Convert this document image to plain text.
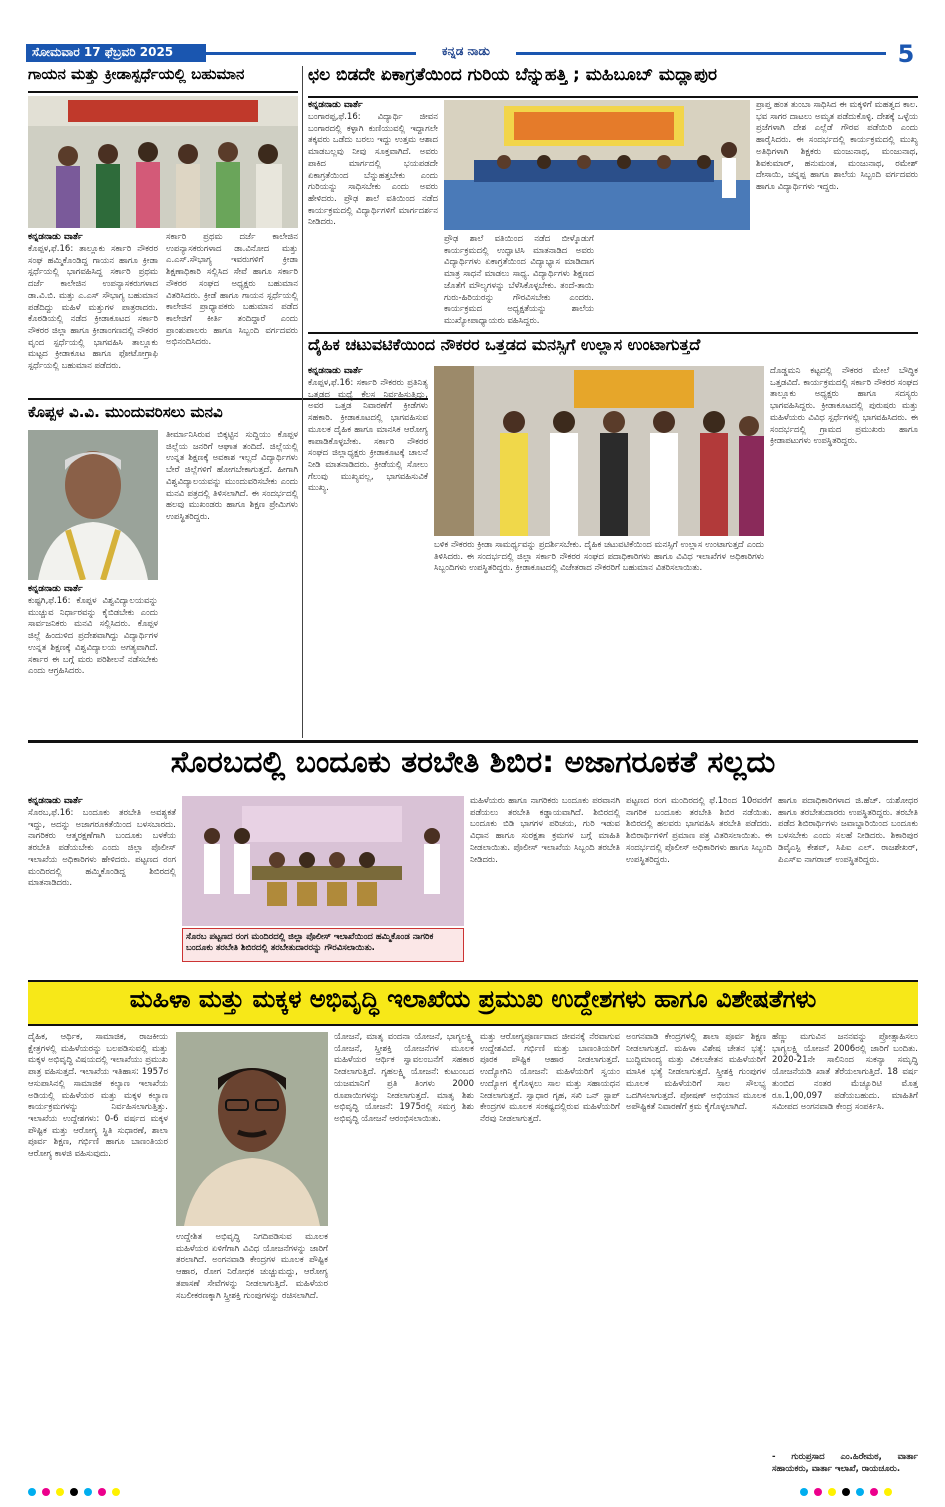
ಸೋಮವಾರ 17 ಫೆಬ್ರವರಿ 2025	ಕನ್ನಡ ನಾಡು	5
ಗಾಯನ ಮತ್ತು ಕ್ರೀಡಾಸ್ಪರ್ಧೆಯಲ್ಲಿ ಬಹುಮಾನ
ಕನ್ನಡನಾಡು ವಾರ್ತೆ
ಕೊಪ್ಪಳ,ಫೆ.16: ತಾಲ್ಲೂಕು ಸರ್ಕಾರಿ ನೌಕರರ ಸಂಘ ಹಮ್ಮಿಕೊಂಡಿದ್ದ ಗಾಯನ ಹಾಗೂ ಕ್ರೀಡಾ ಸ್ಪರ್ಧೆಯಲ್ಲಿ ಭಾಗವಹಿಸಿದ್ದ ಸರ್ಕಾರಿ ಪ್ರಥಮ ದರ್ಜೆ ಕಾಲೇಜಿನ ಉಪನ್ಯಾಸಕರುಗಳಾದ ಡಾ.ವಿ.ಬಿ. ಮತ್ತು ಎ.ಎಸ್ ಸೌಭಾಗ್ಯ ಬಹುಮಾನ ಪಡೆದಿದ್ದು ಮಹಿಳೆ ಮತ್ತುಗಳ ಪಾತ್ರರಾದರು. ಕೊಠಡಿಯಲ್ಲಿ ನಡೆದ ಕ್ರೀಡಾಕೂಟದ ಸರ್ಕಾರಿ ನೌಕರರ ಜಿಲ್ಲಾ ಹಾಗೂ ಕ್ರೀಡಾಂಗಣದಲ್ಲಿ ನೌಕರರ ವೃಂದ ಸ್ಪರ್ಧೆಯಲ್ಲಿ ಭಾಗವಹಿಸಿ ತಾಲ್ಲೂಕು ಮಟ್ಟದ ಕ್ರೀಡಾಕೂಟ ಹಾಗೂ ಫೋಟೋಗ್ರಾಫಿ ಸ್ಪರ್ಧೆಯಲ್ಲಿ ಬಹುಮಾನ ಪಡೆದರು.
ಸರ್ಕಾರಿ ಪ್ರಥಮ ದರ್ಜೆ ಕಾಲೇಜಿನ ಉಪನ್ಯಾಸಕರುಗಳಾದ ಡಾ.ವಿನೋದ ಮತ್ತು ಎ.ಎಸ್.ಸೌಭಾಗ್ಯ ಇವರುಗಳಿಗೆ ಕ್ರೀಡಾ ಶಿಕ್ಷಣಾಧಿಕಾರಿ ಸಲ್ಲಿಸಿದ ಸೇವೆ ಹಾಗೂ ಸರ್ಕಾರಿ ನೌಕರರ ಸಂಘದ ಅಧ್ಯಕ್ಷರು ಬಹುಮಾನ ವಿತರಿಸಿದರು. ಕ್ರೀಡೆ ಹಾಗೂ ಗಾಯನ ಸ್ಪರ್ಧೆಯಲ್ಲಿ ಕಾಲೇಜಿನ ಪ್ರಾಧ್ಯಾಪಕರು ಬಹುಮಾನ ಪಡೆದ ಕಾಲೇಜಿಗೆ ಕೀರ್ತಿ ತಂದಿದ್ದಾರೆ ಎಂದು ಪ್ರಾಂಶುಪಾಲರು ಹಾಗೂ ಸಿಬ್ಬಂದಿ ವರ್ಗದವರು ಅಭಿನಂದಿಸಿದರು.
ಕೊಪ್ಪಳ ವಿ.ವಿ. ಮುಂದುವರಿಸಲು ಮನವಿ
ಕನ್ನಡನಾಡು ವಾರ್ತೆ
ಕುಷ್ಟಗಿ,ಫೆ.16: ಕೊಪ್ಪಳ ವಿಶ್ವವಿದ್ಯಾಲಯವನ್ನು ಮುಚ್ಚುವ ನಿರ್ಧಾರವನ್ನು ಕೈಬಿಡಬೇಕು ಎಂದು ಸಾರ್ವಜನಿಕರು ಮನವಿ ಸಲ್ಲಿಸಿದರು. ಕೊಪ್ಪಳ ಜಿಲ್ಲೆ ಹಿಂದುಳಿದ ಪ್ರದೇಶವಾಗಿದ್ದು ವಿದ್ಯಾರ್ಥಿಗಳ ಉನ್ನತ ಶಿಕ್ಷಣಕ್ಕೆ ವಿಶ್ವವಿದ್ಯಾಲಯ ಅಗತ್ಯವಾಗಿದೆ. ಸರ್ಕಾರ ಈ ಬಗ್ಗೆ ಮರು ಪರಿಶೀಲನೆ ನಡೆಸಬೇಕು ಎಂದು ಆಗ್ರಹಿಸಿದರು.
ತೀರ್ಮಾನಿಸಿರುವ ಬಿಕ್ಕಟ್ಟಿನ ಸುದ್ದಿಯು ಕೊಪ್ಪಳ ಜಿಲ್ಲೆಯ ಜನರಿಗೆ ಆಘಾತ ತಂದಿದೆ. ಜಿಲ್ಲೆಯಲ್ಲಿ ಉನ್ನತ ಶಿಕ್ಷಣಕ್ಕೆ ಅವಕಾಶ ಇಲ್ಲದೆ ವಿದ್ಯಾರ್ಥಿಗಳು ಬೇರೆ ಜಿಲ್ಲೆಗಳಿಗೆ ಹೋಗಬೇಕಾಗುತ್ತದೆ. ಹೀಗಾಗಿ ವಿಶ್ವವಿದ್ಯಾಲಯವನ್ನು ಮುಂದುವರಿಸಬೇಕು ಎಂದು ಮನವಿ ಪತ್ರದಲ್ಲಿ ತಿಳಿಸಲಾಗಿದೆ. ಈ ಸಂದರ್ಭದಲ್ಲಿ ಹಲವು ಮುಖಂಡರು ಹಾಗೂ ಶಿಕ್ಷಣ ಪ್ರೇಮಿಗಳು ಉಪಸ್ಥಿತರಿದ್ದರು.
ಛಲ ಬಿಡದೇ ಏಕಾಗ್ರತೆಯಿಂದ ಗುರಿಯ ಬೆನ್ನುಹತ್ತಿ ; ಮಹಿಬೂಬ್ ಮದ್ಲಾಪುರ
ಕನ್ನಡನಾಡು ವಾರ್ತೆ
ಬಂಗಾರಪ್ಪ,ಫೆ.16: ವಿದ್ಯಾರ್ಥಿ ಜೀವನ ಬಂಗಾರದಲ್ಲಿ ಕಳ್ಳಾಗಿ ಕುಣಿಯುವಲ್ಲಿ ಇದ್ದಾಗಲೇ ತಕ್ಕವರು ಒಡೆದು ಬರಲು ಇದ್ದು ಉತ್ತಮ ಆಶಾದ ಮಾಡಬಲ್ಲವು ನೀವು ಸೂಕ್ತವಾಗಿದೆ. ಅವರು ಪಾಕಿದ ಮಾರ್ಗದಲ್ಲಿ ಭಯಪಡದೇ ಏಕಾಗ್ರತೆಯಿಂದ ಬೆನ್ನುಹತ್ತಬೇಕು ಎಂದು ಗುರಿಯನ್ನು ಸಾಧಿಸಬೇಕು ಎಂದು ಅವರು ಹೇಳಿದರು. ಪ್ರೌಢ ಶಾಲೆ ವತಿಯಿಂದ ನಡೆದ ಕಾರ್ಯಕ್ರಮದಲ್ಲಿ ವಿದ್ಯಾರ್ಥಿಗಳಿಗೆ ಮಾರ್ಗದರ್ಶನ ನೀಡಿದರು.
ಪ್ರೌಢ ಶಾಲೆ ವತಿಯಿಂದ ನಡೆದ ಬೀಳ್ಕೊಡುಗೆ ಕಾರ್ಯಕ್ರಮದಲ್ಲಿ ಉದ್ಘಾಟಿಸಿ ಮಾತನಾಡಿದ ಅವರು ವಿದ್ಯಾರ್ಥಿಗಳು ಏಕಾಗ್ರತೆಯಿಂದ ವಿದ್ಯಾಭ್ಯಾಸ ಮಾಡಿದಾಗ ಮಾತ್ರ ಸಾಧನೆ ಮಾಡಲು ಸಾಧ್ಯ. ವಿದ್ಯಾರ್ಥಿಗಳು ಶಿಕ್ಷಣದ ಜೊತೆಗೆ ಮೌಲ್ಯಗಳನ್ನು ಬೆಳೆಸಿಕೊಳ್ಳಬೇಕು. ತಂದೆ-ತಾಯಿ ಗುರು-ಹಿರಿಯರನ್ನು ಗೌರವಿಸಬೇಕು ಎಂದರು. ಕಾರ್ಯಕ್ರಮದ ಅಧ್ಯಕ್ಷತೆಯನ್ನು ಶಾಲೆಯ ಮುಖ್ಯೋಪಾಧ್ಯಾಯರು ವಹಿಸಿದ್ದರು.
ಪ್ರಾಪ್ತ ಹಂತ ತುಂಬಾ ಸಾಧಿಸಿದ ಈ ಮಕ್ಕಳಿಗೆ ಮಹತ್ವದ ಕಾಲ. ಭವ ಸಾಗರ ದಾಟಲು ಅಮೃತ ಪಡೆದುಕೊಳ್ಳಿ. ದೇಶಕ್ಕೆ ಒಳ್ಳೆಯ ಪ್ರಜೆಗಳಾಗಿ ದೇಶ ಎಲ್ಲೆಡೆ ಗೌರವ ಪಡೆಯಿರಿ ಎಂದು ಹಾರೈಸಿದರು. ಈ ಸಂದರ್ಭದಲ್ಲಿ ಕಾರ್ಯಕ್ರಮದಲ್ಲಿ ಮುಖ್ಯ ಅತಿಥಿಗಳಾಗಿ ಶಿಕ್ಷಕರು ಮಂಜುನಾಥ, ಮಂಜುನಾಥ, ಶಿವಕುಮಾರ್, ಹನುಮಂತ, ಮಂಜುನಾಥ, ರಮೇಶ್ ದೇಸಾಯಿ, ಚನ್ನಪ್ಪ ಹಾಗೂ ಶಾಲೆಯ ಸಿಬ್ಬಂದಿ ವರ್ಗದವರು ಹಾಗೂ ವಿದ್ಯಾರ್ಥಿಗಳು ಇದ್ದರು.
ದೈಹಿಕ ಚಟುವಟಿಕೆಯಿಂದ ನೌಕರರ ಒತ್ತಡದ ಮನಸ್ಸಿಗೆ ಉಲ್ಲಾಸ ಉಂಟಾಗುತ್ತದೆ
ಕನ್ನಡನಾಡು ವಾರ್ತೆ
ಕೊಪ್ಪಳ,ಫೆ.16: ಸರ್ಕಾರಿ ನೌಕರರು ಪ್ರತಿನಿತ್ಯ ಒತ್ತಡದ ಮಧ್ಯೆ ಕೆಲಸ ನಿರ್ವಹಿಸುತ್ತಿದ್ದು, ಅವರ ಒತ್ತಡ ನಿವಾರಣೆಗೆ ಕ್ರೀಡೆಗಳು ಸಹಕಾರಿ. ಕ್ರೀಡಾಕೂಟದಲ್ಲಿ ಭಾಗವಹಿಸುವ ಮೂಲಕ ದೈಹಿಕ ಹಾಗೂ ಮಾನಸಿಕ ಆರೋಗ್ಯ ಕಾಪಾಡಿಕೊಳ್ಳಬೇಕು. ಸರ್ಕಾರಿ ನೌಕರರ ಸಂಘದ ಜಿಲ್ಲಾಧ್ಯಕ್ಷರು ಕ್ರೀಡಾಕೂಟಕ್ಕೆ ಚಾಲನೆ ನೀಡಿ ಮಾತನಾಡಿದರು. ಕ್ರೀಡೆಯಲ್ಲಿ ಸೋಲು ಗೆಲುವು ಮುಖ್ಯವಲ್ಲ, ಭಾಗವಹಿಸುವಿಕೆ ಮುಖ್ಯ.
ಬಳಿಕ ನೌಕರರು ಕ್ರೀಡಾ ಸಾಮರ್ಥ್ಯವನ್ನು ಪ್ರದರ್ಶಿಸಬೇಕು. ದೈಹಿಕ ಚಟುವಟಿಕೆಯಿಂದ ಮನಸ್ಸಿಗೆ ಉಲ್ಲಾಸ ಉಂಟಾಗುತ್ತದೆ ಎಂದು ತಿಳಿಸಿದರು. ಈ ಸಂದರ್ಭದಲ್ಲಿ ಜಿಲ್ಲಾ ಸರ್ಕಾರಿ ನೌಕರರ ಸಂಘದ ಪದಾಧಿಕಾರಿಗಳು ಹಾಗೂ ವಿವಿಧ ಇಲಾಖೆಗಳ ಅಧಿಕಾರಿಗಳು ಸಿಬ್ಬಂದಿಗಳು ಉಪಸ್ಥಿತರಿದ್ದರು. ಕ್ರೀಡಾಕೂಟದಲ್ಲಿ ವಿಜೇತರಾದ ನೌಕರರಿಗೆ ಬಹುಮಾನ ವಿತರಿಸಲಾಯಿತು.
ದೊಡ್ಡಮನಿ ಕಟ್ಟದಲ್ಲಿ ನೌಕರರ ಮೇಲೆ ಬೌದ್ಧಿಕ ಒತ್ತಡವಿದೆ. ಕಾರ್ಯಕ್ರಮದಲ್ಲಿ ಸರ್ಕಾರಿ ನೌಕರರ ಸಂಘದ ತಾಲ್ಲೂಕು ಅಧ್ಯಕ್ಷರು ಹಾಗೂ ಸದಸ್ಯರು ಭಾಗವಹಿಸಿದ್ದರು. ಕ್ರೀಡಾಕೂಟದಲ್ಲಿ ಪುರುಷರು ಮತ್ತು ಮಹಿಳೆಯರು ವಿವಿಧ ಸ್ಪರ್ಧೆಗಳಲ್ಲಿ ಭಾಗವಹಿಸಿದರು. ಈ ಸಂದರ್ಭದಲ್ಲಿ ಗ್ರಾಮದ ಪ್ರಮುಖರು ಹಾಗೂ ಕ್ರೀಡಾಪಟುಗಳು ಉಪಸ್ಥಿತರಿದ್ದರು.
ಸೊರಬದಲ್ಲಿ ಬಂದೂಕು ತರಬೇತಿ ಶಿಬಿರ: ಅಜಾಗರೂಕತೆ ಸಲ್ಲದು
ಕನ್ನಡನಾಡು ವಾರ್ತೆ
ಸೊರಬ,ಫೆ.16: ಬಂದೂಕು ತರಬೇತಿ ಅವಶ್ಯಕತೆ ಇದ್ದು, ಅದನ್ನು ಅಜಾಗರೂಕತೆಯಿಂದ ಬಳಸಬಾರದು. ನಾಗರಿಕರು ಆತ್ಮರಕ್ಷಣೆಗಾಗಿ ಬಂದೂಕು ಬಳಕೆಯ ತರಬೇತಿ ಪಡೆಯಬೇಕು ಎಂದು ಜಿಲ್ಲಾ ಪೊಲೀಸ್ ಇಲಾಖೆಯ ಅಧಿಕಾರಿಗಳು ಹೇಳಿದರು. ಪಟ್ಟಣದ ರಂಗ ಮಂದಿರದಲ್ಲಿ ಹಮ್ಮಿಕೊಂಡಿದ್ದ ಶಿಬಿರದಲ್ಲಿ ಮಾತನಾಡಿದರು.
ಸೊರಬ ಪಟ್ಟಣದ ರಂಗ ಮಂದಿರದಲ್ಲಿ ಜಿಲ್ಲಾ ಪೊಲೀಸ್ ಇಲಾಖೆಯಿಂದ ಹಮ್ಮಿಕೊಂಡ ನಾಗರಿಕ ಬಂದೂಕು ತರಬೇತಿ ಶಿಬಿರದಲ್ಲಿ ತರಬೇತುದಾರರನ್ನು ಗೌರವಿಸಲಾಯಿತು.
ಮಹಿಳೆಯರು ಹಾಗೂ ನಾಗರಿಕರು ಬಂದೂಕು ಪರವಾನಗಿ ಪಡೆಯಲು ತರಬೇತಿ ಕಡ್ಡಾಯವಾಗಿದೆ. ಶಿಬಿರದಲ್ಲಿ ಬಂದೂಕು ಬಿಡಿ ಭಾಗಗಳ ಪರಿಚಯ, ಗುರಿ ಇಡುವ ವಿಧಾನ ಹಾಗೂ ಸುರಕ್ಷತಾ ಕ್ರಮಗಳ ಬಗ್ಗೆ ಮಾಹಿತಿ ನೀಡಲಾಯಿತು. ಪೊಲೀಸ್ ಇಲಾಖೆಯ ಸಿಬ್ಬಂದಿ ತರಬೇತಿ ನೀಡಿದರು.
ಪಟ್ಟಣದ ರಂಗ ಮಂದಿರದಲ್ಲಿ ಫೆ.1ರಿಂದ 10ರವರೆಗೆ ನಾಗರಿಕ ಬಂದೂಕು ತರಬೇತಿ ಶಿಬಿರ ನಡೆಯಿತು. ಶಿಬಿರದಲ್ಲಿ ಹಲವರು ಭಾಗವಹಿಸಿ ತರಬೇತಿ ಪಡೆದರು. ಶಿಬಿರಾರ್ಥಿಗಳಿಗೆ ಪ್ರಮಾಣ ಪತ್ರ ವಿತರಿಸಲಾಯಿತು. ಈ ಸಂದರ್ಭದಲ್ಲಿ ಪೊಲೀಸ್ ಅಧಿಕಾರಿಗಳು ಹಾಗೂ ಸಿಬ್ಬಂದಿ ಉಪಸ್ಥಿತರಿದ್ದರು.
ಹಾಗೂ ಪದಾಧಿಕಾರಿಗಳಾದ ಜಿ.ಹೆಚ್. ಯಶೋಧರ ಹಾಗೂ ತರಬೇತುದಾರರು ಉಪಸ್ಥಿತರಿದ್ದರು. ತರಬೇತಿ ಪಡೆದ ಶಿಬಿರಾರ್ಥಿಗಳು ಜವಾಬ್ದಾರಿಯಿಂದ ಬಂದೂಕು ಬಳಸಬೇಕು ಎಂದು ಸಲಹೆ ನೀಡಿದರು. ಶಿಕಾರಿಪುರ ಡಿವೈಎಸ್ಪಿ ಕೇಶವ್, ಸಿಪಿಐ ಎಲ್. ರಾಜಶೇಖರ್, ಪಿಎಸ್ಐ ನಾಗರಾಜ್ ಉಪಸ್ಥಿತರಿದ್ದರು.
ಮಹಿಳಾ ಮತ್ತು ಮಕ್ಕಳ ಅಭಿವೃದ್ಧಿ ಇಲಾಖೆಯ ಪ್ರಮುಖ ಉದ್ದೇಶಗಳು ಹಾಗೂ ವಿಶೇಷತೆಗಳು
ದೈಹಿಕ, ಆರ್ಥಿಕ, ಸಾಮಾಜಿಕ, ರಾಜಕೀಯ ಕ್ಷೇತ್ರಗಳಲ್ಲಿ ಮಹಿಳೆಯರನ್ನು ಬಲಪಡಿಸುವಲ್ಲಿ ಮತ್ತು ಮಕ್ಕಳ ಅಭಿವೃದ್ಧಿ ವಿಷಯದಲ್ಲಿ ಇಲಾಖೆಯು ಪ್ರಮುಖ ಪಾತ್ರ ವಹಿಸುತ್ತದೆ. ಇಲಾಖೆಯ ಇತಿಹಾಸ: 1957ರ ಆಸುಪಾಸಿನಲ್ಲಿ ಸಾಮಾಜಿಕ ಕಲ್ಯಾಣ ಇಲಾಖೆಯ ಅಡಿಯಲ್ಲಿ ಮಹಿಳೆಯರ ಮತ್ತು ಮಕ್ಕಳ ಕಲ್ಯಾಣ ಕಾರ್ಯಕ್ರಮಗಳನ್ನು ನಿರ್ವಹಿಸಲಾಗುತ್ತಿತ್ತು. ಇಲಾಖೆಯ ಉದ್ದೇಶಗಳು: 0-6 ವರ್ಷದ ಮಕ್ಕಳ ಪೌಷ್ಟಿಕ ಮತ್ತು ಆರೋಗ್ಯ ಸ್ಥಿತಿ ಸುಧಾರಣೆ, ಶಾಲಾ ಪೂರ್ವ ಶಿಕ್ಷಣ, ಗರ್ಭಿಣಿ ಹಾಗೂ ಬಾಣಂತಿಯರ ಆರೋಗ್ಯ ಕಾಳಜಿ ವಹಿಸುವುದು.
ಉದ್ದೇಶಿತ ಅಭಿವೃದ್ಧಿ ನಿಗದಿಪಡಿಸುವ ಮೂಲಕ ಮಹಿಳೆಯರ ಏಳಿಗೆಗಾಗಿ ವಿವಿಧ ಯೋಜನೆಗಳನ್ನು ಜಾರಿಗೆ ತರಲಾಗಿದೆ. ಅಂಗನವಾಡಿ ಕೇಂದ್ರಗಳ ಮೂಲಕ ಪೌಷ್ಟಿಕ ಆಹಾರ, ರೋಗ ನಿರೋಧಕ ಚುಚ್ಚುಮದ್ದು, ಆರೋಗ್ಯ ತಪಾಸಣೆ ಸೇವೆಗಳನ್ನು ನೀಡಲಾಗುತ್ತಿದೆ. ಮಹಿಳೆಯರ ಸಬಲೀಕರಣಕ್ಕಾಗಿ ಸ್ತ್ರೀಶಕ್ತಿ ಗುಂಪುಗಳನ್ನು ರಚಿಸಲಾಗಿದೆ.
ಯೋಜನೆ, ಮಾತೃ ವಂದನಾ ಯೋಜನೆ, ಭಾಗ್ಯಲಕ್ಷ್ಮಿ ಯೋಜನೆ, ಸ್ತ್ರೀಶಕ್ತಿ ಯೋಜನೆಗಳ ಮೂಲಕ ಮಹಿಳೆಯರ ಆರ್ಥಿಕ ಸ್ವಾವಲಂಬನೆಗೆ ಸಹಕಾರ ನೀಡಲಾಗುತ್ತಿದೆ. ಗೃಹಲಕ್ಷ್ಮಿ ಯೋಜನೆ: ಕುಟುಂಬದ ಯಜಮಾನಿಗೆ ಪ್ರತಿ ತಿಂಗಳು 2000 ರೂಪಾಯಿಗಳನ್ನು ನೀಡಲಾಗುತ್ತದೆ. ಮಾತೃ ಶಿಶು ಅಭಿವೃದ್ಧಿ ಯೋಜನೆ: 1975ರಲ್ಲಿ ಸಮಗ್ರ ಶಿಶು ಅಭಿವೃದ್ಧಿ ಯೋಜನೆ ಆರಂಭಿಸಲಾಯಿತು.
ಮತ್ತು ಆರೋಗ್ಯಪೂರ್ಣವಾದ ಜೀವನಕ್ಕೆ ನೆರವಾಗುವ ಉದ್ದೇಶವಿದೆ. ಗರ್ಭಿಣಿ ಮತ್ತು ಬಾಣಂತಿಯರಿಗೆ ಪೂರಕ ಪೌಷ್ಟಿಕ ಆಹಾರ ನೀಡಲಾಗುತ್ತದೆ. ಉದ್ಯೋಗಿನಿ ಯೋಜನೆ: ಮಹಿಳೆಯರಿಗೆ ಸ್ವಯಂ ಉದ್ಯೋಗ ಕೈಗೊಳ್ಳಲು ಸಾಲ ಮತ್ತು ಸಹಾಯಧನ ನೀಡಲಾಗುತ್ತದೆ. ಸ್ವಾಧಾರ ಗೃಹ, ಸಖಿ ಒನ್ ಸ್ಟಾಪ್ ಕೇಂದ್ರಗಳ ಮೂಲಕ ಸಂಕಷ್ಟದಲ್ಲಿರುವ ಮಹಿಳೆಯರಿಗೆ ನೆರವು ನೀಡಲಾಗುತ್ತದೆ.
ಅಂಗನವಾಡಿ ಕೇಂದ್ರಗಳಲ್ಲಿ ಶಾಲಾ ಪೂರ್ವ ಶಿಕ್ಷಣ ನೀಡಲಾಗುತ್ತದೆ. ಮಹಿಳಾ ವಿಶೇಷ ಚೇತನ ಭತ್ಯೆ: ಬುದ್ಧಿಮಾಂದ್ಯ ಮತ್ತು ವಿಕಲಚೇತನ ಮಹಿಳೆಯರಿಗೆ ಮಾಸಿಕ ಭತ್ಯೆ ನೀಡಲಾಗುತ್ತದೆ. ಸ್ತ್ರೀಶಕ್ತಿ ಗುಂಪುಗಳ ಮೂಲಕ ಮಹಿಳೆಯರಿಗೆ ಸಾಲ ಸೌಲಭ್ಯ ಒದಗಿಸಲಾಗುತ್ತದೆ. ಪೋಷಣ್ ಅಭಿಯಾನ ಮೂಲಕ ಅಪೌಷ್ಟಿಕತೆ ನಿವಾರಣೆಗೆ ಕ್ರಮ ಕೈಗೊಳ್ಳಲಾಗಿದೆ.
ಹೆಣ್ಣು ಮಗುವಿನ ಜನನವನ್ನು ಪ್ರೋತ್ಸಾಹಿಸಲು ಭಾಗ್ಯಲಕ್ಷ್ಮಿ ಯೋಜನೆ 2006ರಲ್ಲಿ ಜಾರಿಗೆ ಬಂದಿತು. 2020-21ನೇ ಸಾಲಿನಿಂದ ಸುಕನ್ಯಾ ಸಮೃದ್ಧಿ ಯೋಜನೆಯಡಿ ಖಾತೆ ತೆರೆಯಲಾಗುತ್ತಿದೆ. 18 ವರ್ಷ ತುಂಬಿದ ನಂತರ ಮೆಚ್ಯೂರಿಟಿ ಮೊತ್ತ ರೂ.1,00,097 ಪಡೆಯಬಹುದು. ಮಾಹಿತಿಗೆ ಸಮೀಪದ ಅಂಗನವಾಡಿ ಕೇಂದ್ರ ಸಂಪರ್ಕಿಸಿ.
- ಗುರುಪ್ರಸಾದ ಎಂ.ಹಿರೇಮಠ, ವಾರ್ತಾ ಸಹಾಯಕರು, ವಾರ್ತಾ ಇಲಾಖೆ, ರಾಯಚೂರು.
